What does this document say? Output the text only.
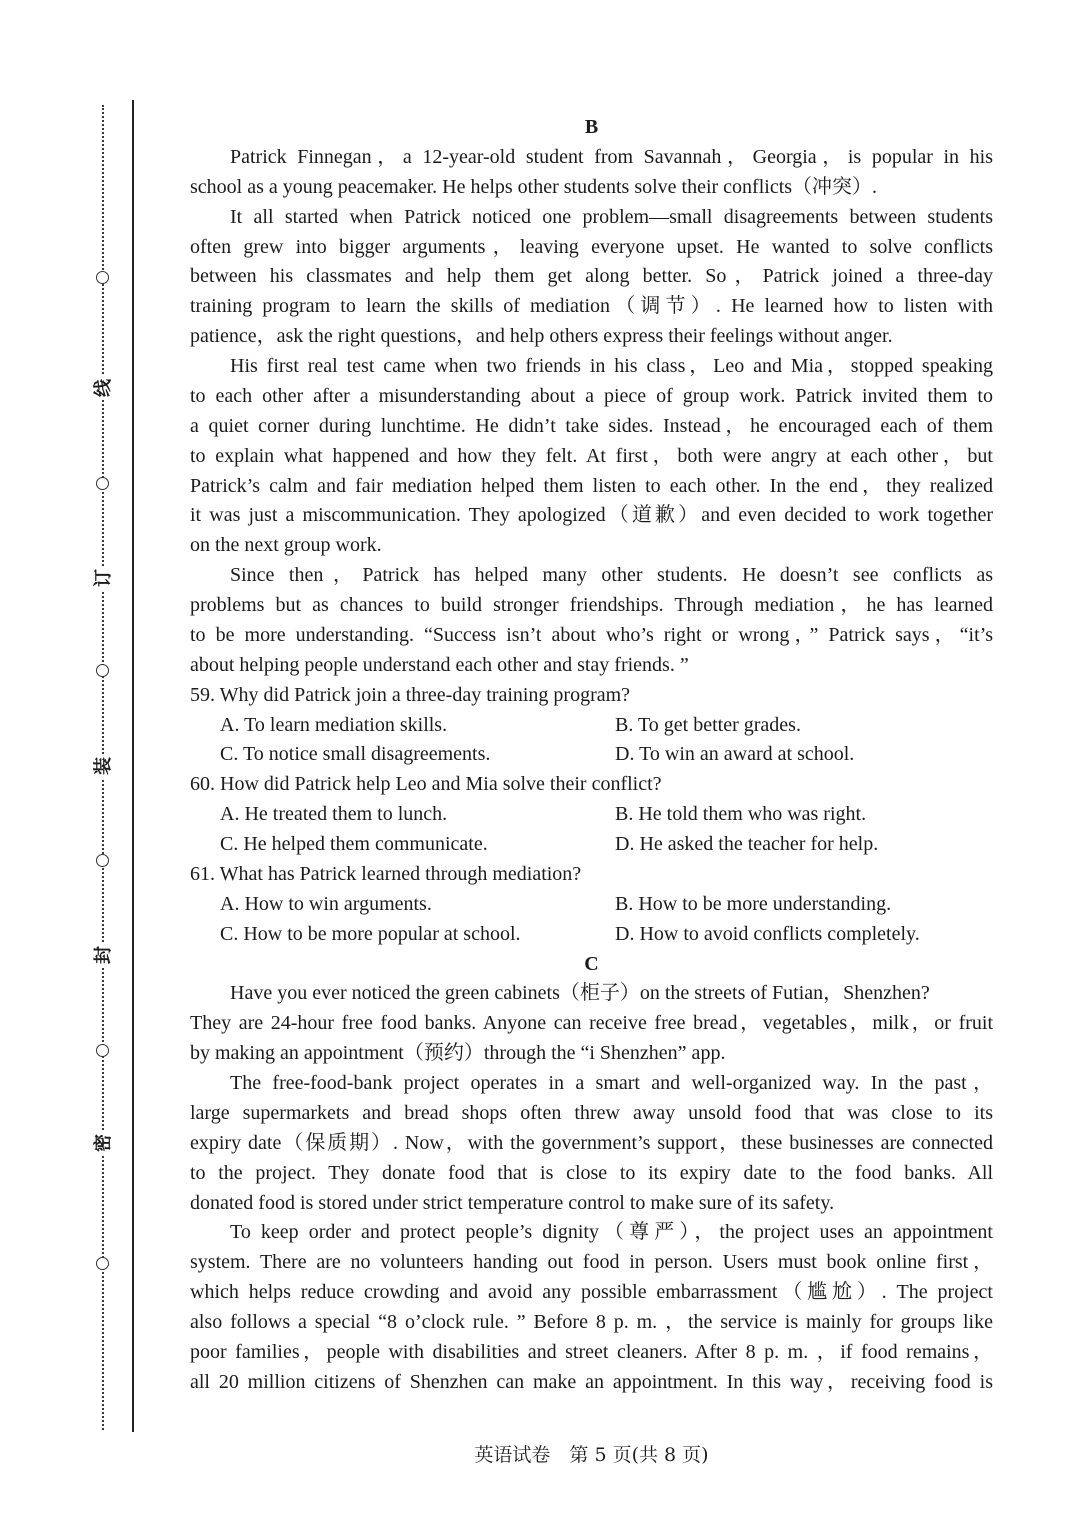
线
订
装
封
密
B
Patrick Finnegan，a 12-year-old student from Savannah，Georgia，is popular in his
school as a young peacemaker. He helps other students solve their conflicts（冲突）.
It all started when Patrick noticed one problem—small disagreements between students
often grew into bigger arguments，leaving everyone upset. He wanted to solve conflicts
between his classmates and help them get along better. So，Patrick joined a three-day
training program to learn the skills of mediation（调节）. He learned how to listen with
patience，ask the right questions，and help others express their feelings without anger.
His first real test came when two friends in his class，Leo and Mia，stopped speaking
to each other after a misunderstanding about a piece of group work. Patrick invited them to
a quiet corner during lunchtime. He didn’t take sides. Instead，he encouraged each of them
to explain what happened and how they felt. At first，both were angry at each other，but
Patrick’s calm and fair mediation helped them listen to each other. In the end，they realized
it was just a miscommunication. They apologized（道歉）and even decided to work together
on the next group work.
Since then，Patrick has helped many other students. He doesn’t see conflicts as
problems but as chances to build stronger friendships. Through mediation，he has learned
to be more understanding. “Success isn’t about who’s right or wrong，” Patrick says，“it’s
about helping people understand each other and stay friends. ”
59. Why did Patrick join a three-day training program?
A. To learn mediation skills.	B. To get better grades.
C. To notice small disagreements.	D. To win an award at school.
60. How did Patrick help Leo and Mia solve their conflict?
A. He treated them to lunch.	B. He told them who was right.
C. He helped them communicate.	D. He asked the teacher for help.
61. What has Patrick learned through mediation?
A. How to win arguments.	B. How to be more understanding.
C. How to be more popular at school.	D. How to avoid conflicts completely.
C
Have you ever noticed the green cabinets（柜子）on the streets of Futian，Shenzhen?
They are 24-hour free food banks. Anyone can receive free bread，vegetables，milk，or fruit
by making an appointment（预约）through the “i Shenzhen” app.
The free-food-bank project operates in a smart and well-organized way. In the past，
large supermarkets and bread shops often threw away unsold food that was close to its
expiry date（保质期）. Now，with the government’s support，these businesses are connected
to the project. They donate food that is close to its expiry date to the food banks. All
donated food is stored under strict temperature control to make sure of its safety.
To keep order and protect people’s dignity（尊严），the project uses an appointment
system. There are no volunteers handing out food in person. Users must book online first，
which helps reduce crowding and avoid any possible embarrassment（尴尬）. The project
also follows a special “8 o’clock rule. ” Before 8 p. m. ，the service is mainly for groups like
poor families，people with disabilities and street cleaners. After 8 p. m. ，if food remains，
all 20 million citizens of Shenzhen can make an appointment. In this way，receiving food is
英语试卷　第 5 页(共 8 页)
